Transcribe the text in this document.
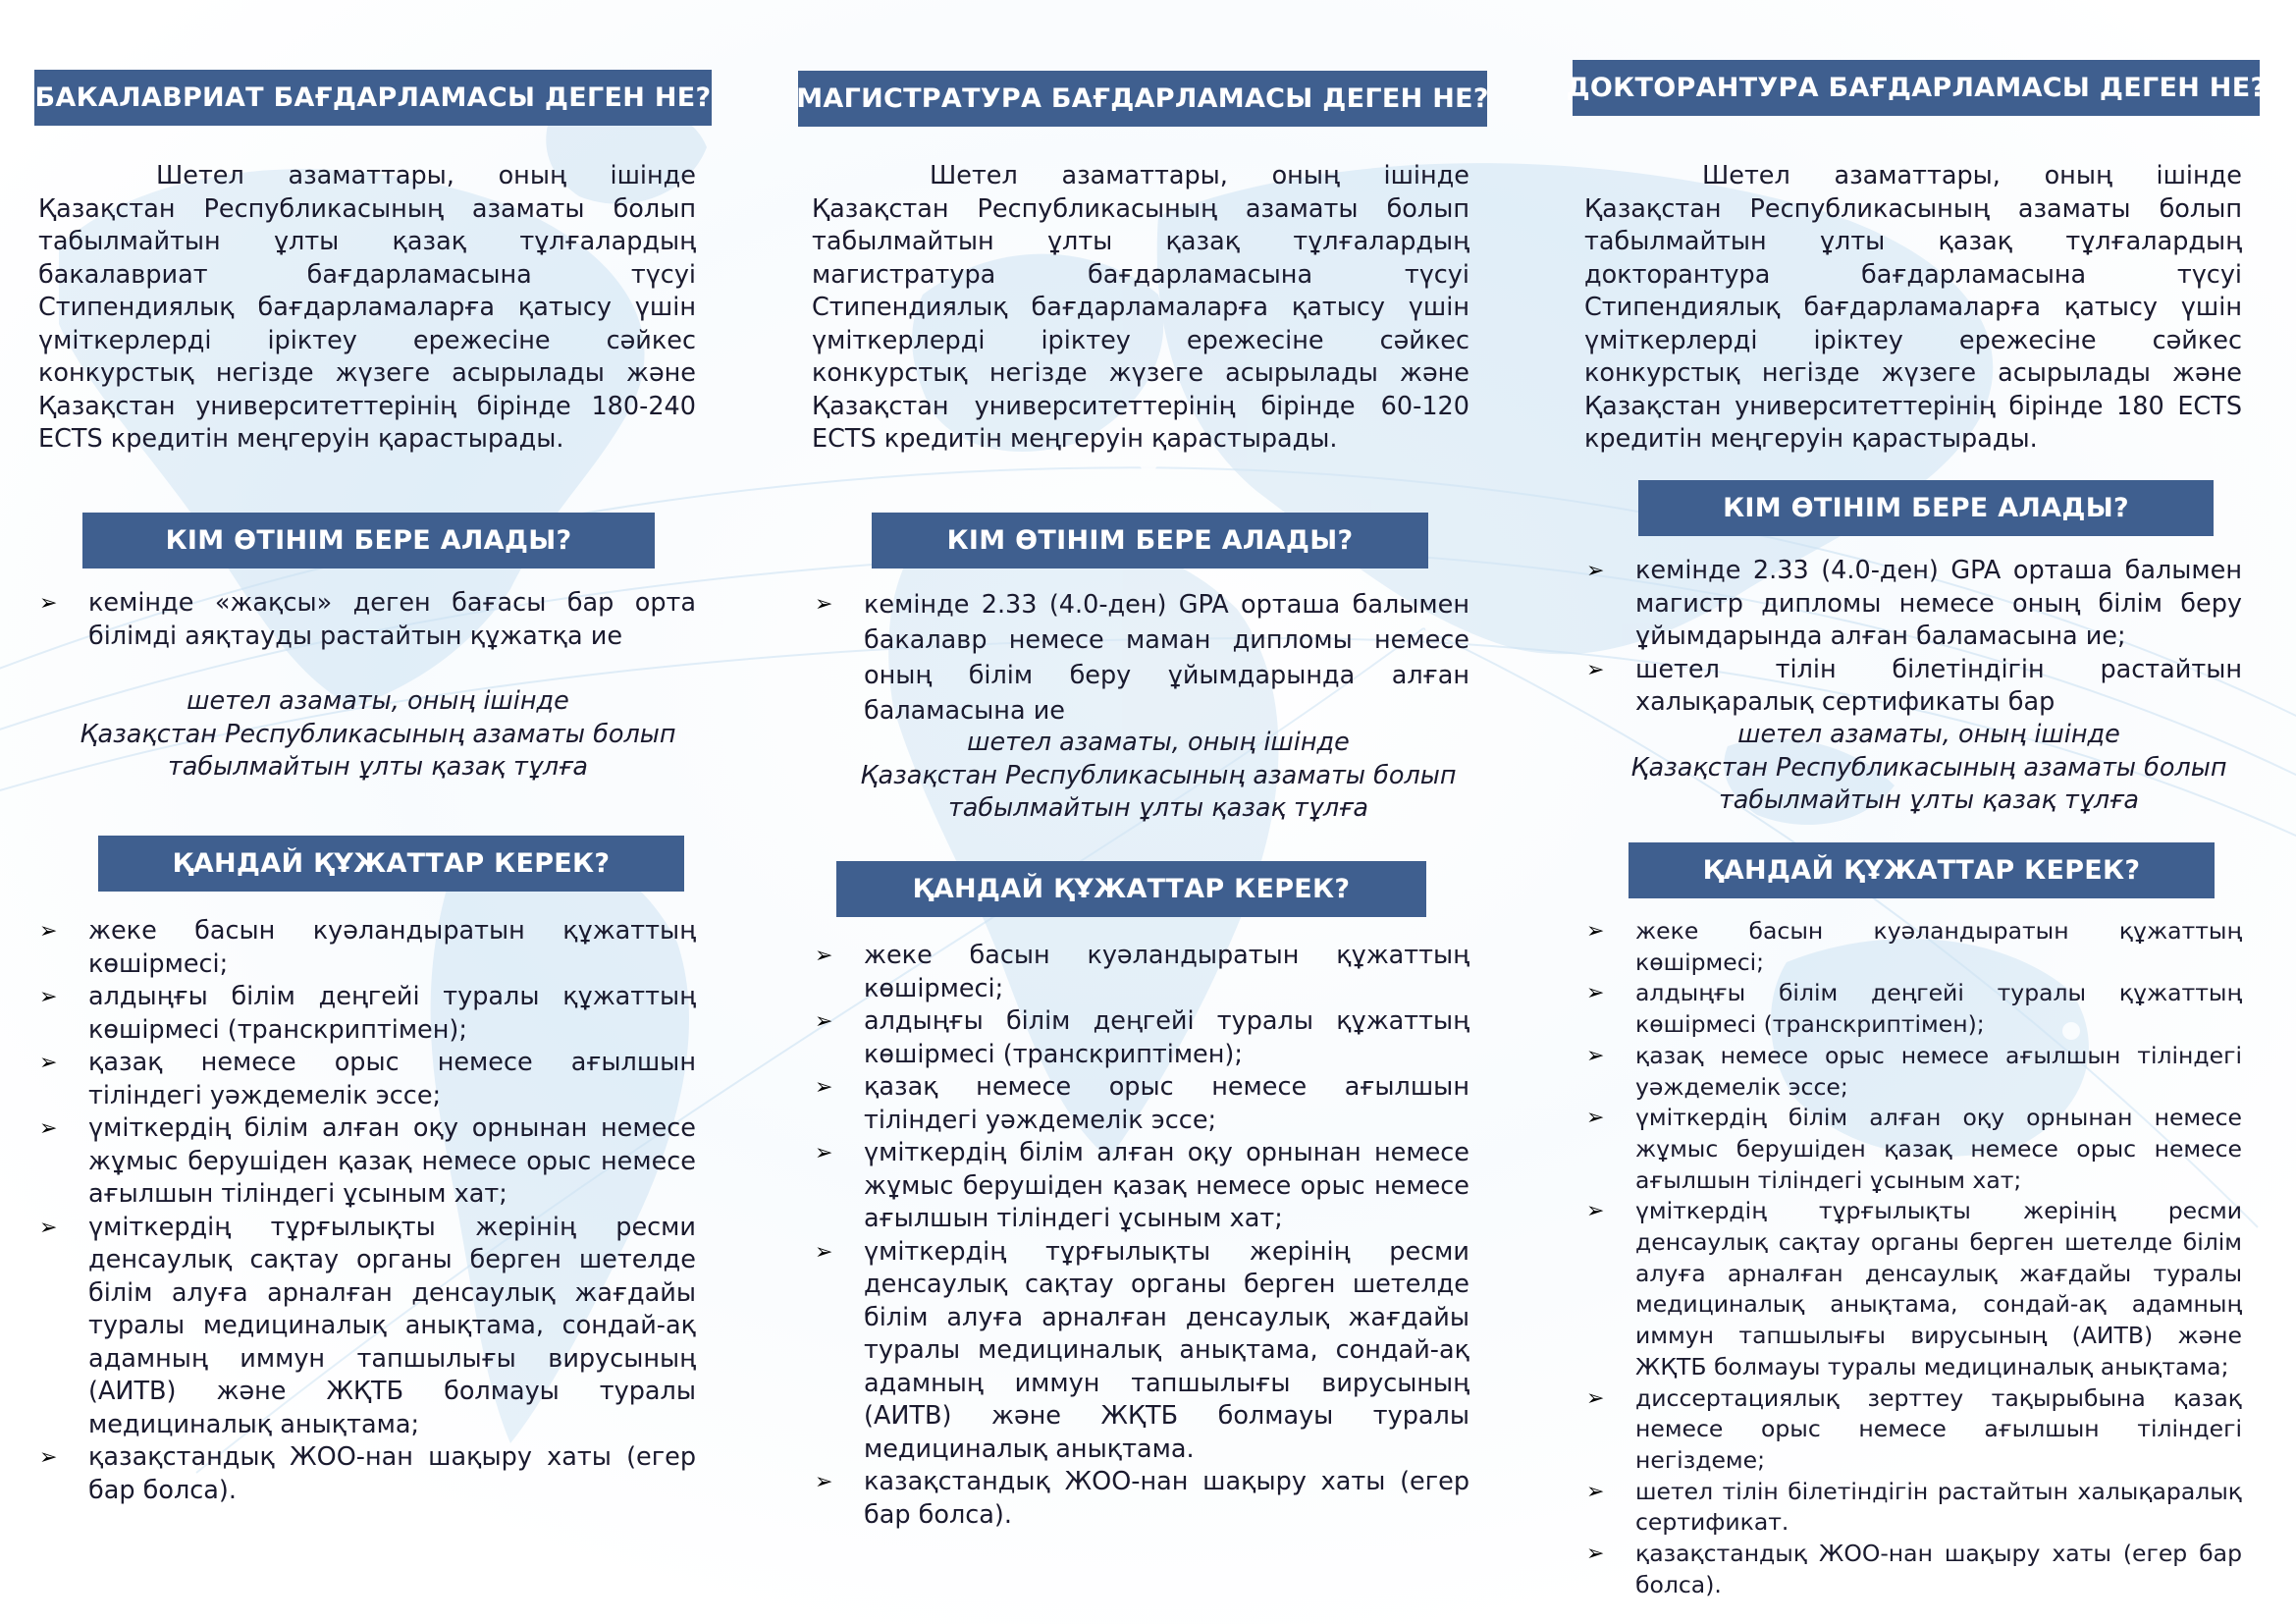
БАКАЛАВРИАТ БАҒДАРЛАМАСЫ ДЕГЕН НЕ?

Шетел азаматтары, оның ішінде Қазақстан Республикасының азаматы болып табылмайтын ұлты қазақ тұлғалардың бакалавриат бағдарламасына түсуі Стипендиялық бағдарламаларға қатысу үшін үміткерлерді іріктеу ережесіне сәйкес конкурстық негізде жүзеге асырылады және Қазақстан университеттерінің бірінде 180-240 ECTS кредитін меңгеруін қарастырады.

КІМ ӨТІНІМ БЕРЕ АЛАДЫ?
➢ кемінде «жақсы» деген бағасы бар орта білімді аяқтауды растайтын құжатқа ие
шетел азаматы, оның ішінде
Қазақстан Республикасының азаматы болып
табылмайтын ұлты қазақ тұлға
ҚАНДАЙ ҚҰЖАТТАР КЕРЕК?
➢ жеке басын куәландыратын құжаттың көшірмесі;
➢ алдыңғы білім деңгейі туралы құжаттың көшірмесі (транскриптімен);
➢ қазақ немесе орыс немесе ағылшын тіліндегі уәждемелік эссе;
➢ үміткердің білім алған оқу орнынан немесе жұмыс берушіден қазақ немесе орыс немесе ағылшын тіліндегі ұсыным хат;
➢ үміткердің тұрғылықты жерінің ресми денсаулық сақтау органы берген шетелде білім алуға арналған денсаулық жағдайы туралы медициналық анықтама, сондай-ақ адамның иммун тапшылығы вирусының (АИТВ) және ЖҚТБ болмауы туралы медициналық анықтама;
➢ қазақстандық ЖОО-нан шақыру хаты (егер бар болса).
МАГИСТРАТУРА БАҒДАРЛАМАСЫ ДЕГЕН НЕ?

Шетел азаматтары, оның ішінде Қазақстан Республикасының азаматы болып табылмайтын ұлты қазақ тұлғалардың магистратура бағдарламасына түсуі Стипендиялық бағдарламаларға қатысу үшін үміткерлерді іріктеу ережесіне сәйкес конкурстық негізде жүзеге асырылады және Қазақстан университеттерінің бірінде 60-120 ECTS кредитін меңгеруін қарастырады.

КІМ ӨТІНІМ БЕРЕ АЛАДЫ?
➢ кемінде 2.33 (4.0-ден) GPA орташа балымен бакалавр немесе маман дипломы немесе оның білім беру ұйымдарында алған баламасына ие
шетел азаматы, оның ішінде
Қазақстан Республикасының азаматы болып
табылмайтын ұлты қазақ тұлға
ҚАНДАЙ ҚҰЖАТТАР КЕРЕК?
➢ жеке басын куәландыратын құжаттың көшірмесі;
➢ алдыңғы білім деңгейі туралы құжаттың көшірмесі (транскриптімен);
➢ қазақ немесе орыс немесе ағылшын тіліндегі уәждемелік эссе;
➢ үміткердің білім алған оқу орнынан немесе жұмыс берушіден қазақ немесе орыс немесе ағылшын тіліндегі ұсыным хат;
➢ үміткердің тұрғылықты жерінің ресми денсаулық сақтау органы берген шетелде білім алуға арналған денсаулық жағдайы туралы медициналық анықтама, сондай-ақ адамның иммун тапшылығы вирусының (АИТВ) және ЖҚТБ болмауы туралы медициналық анықтама.
➢ казақстандық ЖОО-нан шақыру хаты (егер бар болса).
ДОКТОРАНТУРА БАҒДАРЛАМАСЫ ДЕГЕН НЕ?

Шетел азаматтары, оның ішінде Қазақстан Республикасының азаматы болып табылмайтын ұлты қазақ тұлғалардың докторантура бағдарламасына түсуі Стипендиялық бағдарламаларға қатысу үшін үміткерлерді іріктеу ережесіне сәйкес конкурстық негізде жүзеге асырылады және Қазақстан университеттерінің бірінде 180 ECTS кредитін меңгеруін қарастырады.

КІМ ӨТІНІМ БЕРЕ АЛАДЫ?
➢ кемінде 2.33 (4.0-ден) GPA орташа балымен магистр дипломы немесе оның білім беру ұйымдарында алған баламасына ие;
➢ шетел тілін білетіндігін растайтын халықаралық сертификаты бар
шетел азаматы, оның ішінде
Қазақстан Республикасының азаматы болып
табылмайтын ұлты қазақ тұлға
ҚАНДАЙ ҚҰЖАТТАР КЕРЕК?
➢ жеке басын куәландыратын құжаттың көшірмесі;
➢ алдыңғы білім деңгейі туралы құжаттың көшірмесі (транскриптімен);
➢ қазақ немесе орыс немесе ағылшын тіліндегі уәждемелік эссе;
➢ үміткердің білім алған оқу орнынан немесе жұмыс берушіден қазақ немесе орыс немесе ағылшын тіліндегі ұсыным хат;
➢ үміткердің тұрғылықты жерінің ресми денсаулық сақтау органы берген шетелде білім алуға арналған денсаулық жағдайы туралы медициналық анықтама, сондай-ақ адамның иммун тапшылығы вирусының (АИТВ) және ЖҚТБ болмауы туралы медициналық анықтама;
➢ диссертациялық зерттеу тақырыбына қазақ немесе орыс немесе ағылшын тіліндегі негіздеме;
➢ шетел тілін білетіндігін растайтын халықаралық сертификат.
➢ қазақстандық ЖОО-нан шақыру хаты (егер бар болса).
